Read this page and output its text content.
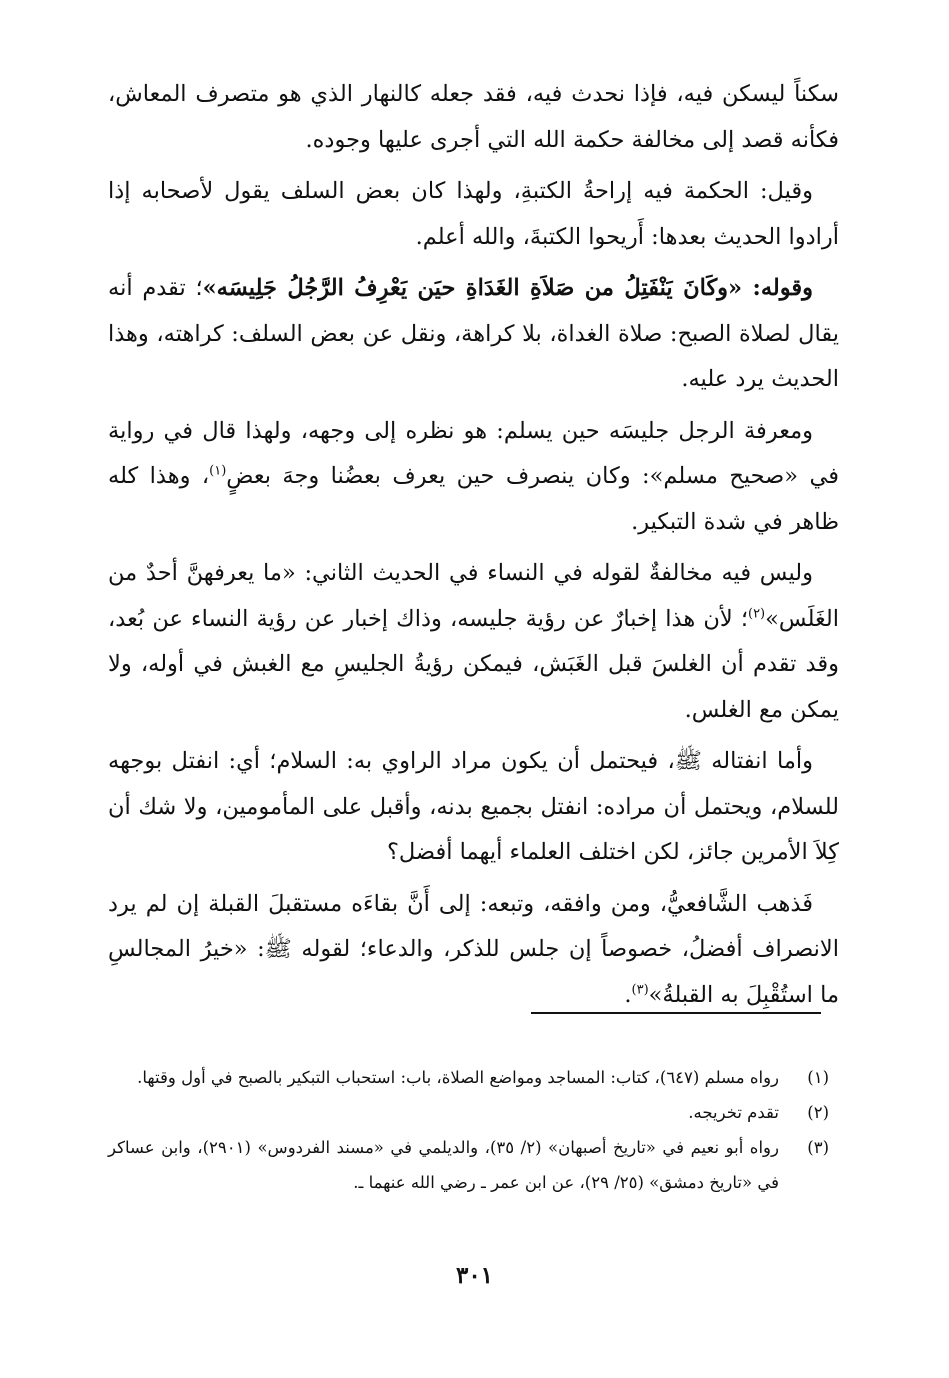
سكناً ليسكن فيه، فإذا نحدث فيه، فقد جعله كالنهار الذي هو متصرف المعاش، فكأنه قصد إلى مخالفة حكمة الله التي أجرى عليها وجوده.

وقيل: الحكمة فيه إراحةُ الكتبةِ، ولهذا كان بعض السلف يقول لأصحابه إذا أرادوا الحديث بعدها: أَريحوا الكتبةَ، والله أعلم.

وقوله: «وكَانَ يَنْفَتِلُ من صَلاَةِ الغَدَاةِ حيَن يَعْرِفُ الرَّجُلُ جَلِيسَه»؛ تقدم أنه يقال لصلاة الصبح: صلاة الغداة، بلا كراهة، ونقل عن بعض السلف: كراهته، وهذا الحديث يرد عليه.

ومعرفة الرجل جليسَه حين يسلم: هو نظره إلى وجهه، ولهذا قال في رواية في «صحيح مسلم»: وكان ينصرف حين يعرف بعضُنا وجهَ بعضٍ$^{(١)}$، وهذا كله ظاهر في شدة التبكير.

وليس فيه مخالفةٌ لقوله في النساء في الحديث الثاني: «ما يعرفهنَّ أحدٌ من الغَلَس»$^{(٢)}$؛ لأن هذا إخبارٌ عن رؤية جليسه، وذاك إخبار عن رؤية النساء عن بُعد، وقد تقدم أن الغلسَ قبل الغَبَش، فيمكن رؤيةُ الجليسِ مع الغبش في أوله، ولا يمكن مع الغلس.

وأما انفتاله ﷺ، فيحتمل أن يكون مراد الراوي به: السلام؛ أي: انفتل بوجهه للسلام، ويحتمل أن مراده: انفتل بجميع بدنه، وأقبل على المأمومين، ولا شك أن كِلاَ الأمرين جائز، لكن اختلف العلماء أيهما أفضل؟

فَذهب الشَّافعيُّ، ومن وافقه، وتبعه: إلى أَنَّ بقاءَه مستقبلَ القبلة إن لم يرد الانصراف أفضلُ، خصوصاً إن جلس للذكر، والدعاء؛ لقوله ﷺ: «خيرُ المجالسِ ما استُقْبِلَ به القبلةُ»$^{(٣)}$.

(١)
رواه مسلم (٦٤٧)، كتاب: المساجد ومواضع الصلاة، باب: استحباب التبكير بالصبح في أول وقتها.
(٢)
تقدم تخريجه.
(٣)
رواه أبو نعيم في «تاريخ أصبهان» (٢/ ٣٥)، والديلمي في «مسند الفردوس» (٢٩٠١)، وابن عساكر في «تاريخ دمشق» (٢٥/ ٢٩)، عن ابن عمر ـ رضي الله عنهما ـ.
٣٠١
